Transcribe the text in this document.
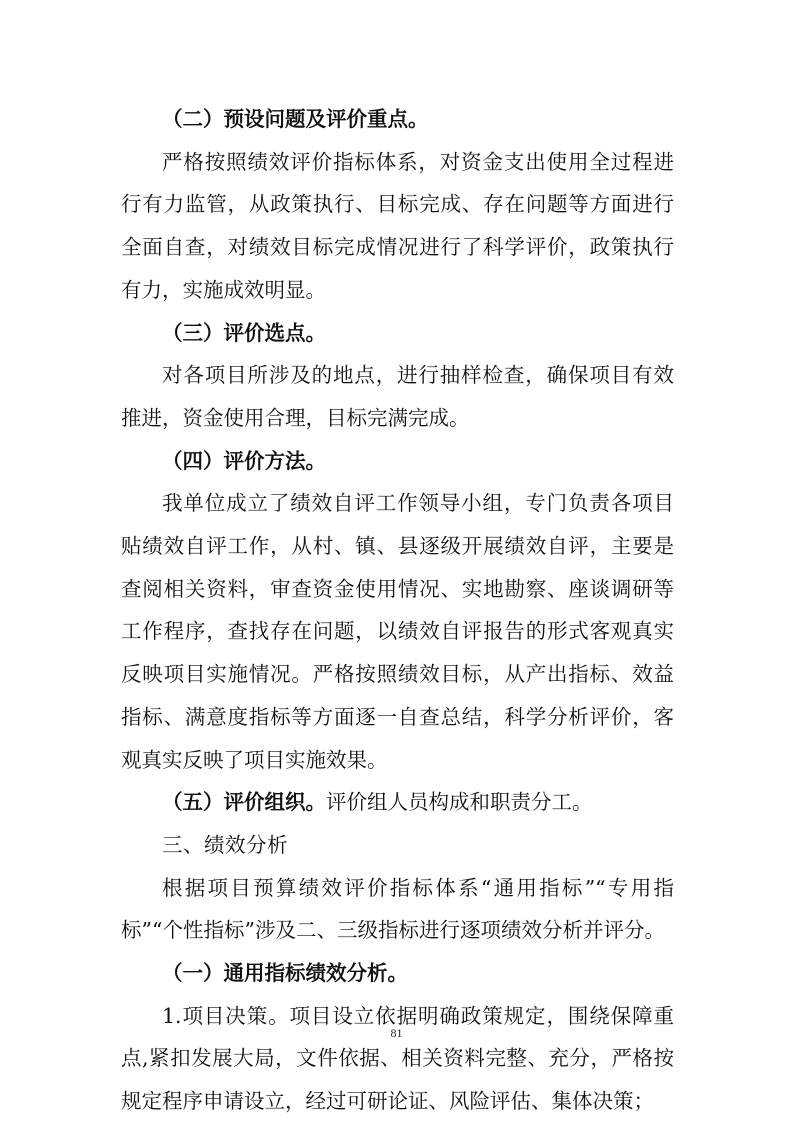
（二）预设问题及评价重点。

严格按照绩效评价指标体系，对资金支出使用全过程进行有力监管，从政策执行、目标完成、存在问题等方面进行全面自查，对绩效目标完成情况进行了科学评价，政策执行有力，实施成效明显。

（三）评价选点。

对各项目所涉及的地点，进行抽样检查，确保项目有效推进，资金使用合理，目标完满完成。

（四）评价方法。

我单位成立了绩效自评工作领导小组，专门负责各项目贴绩效自评工作，从村、镇、县逐级开展绩效自评，主要是查阅相关资料，审查资金使用情况、实地勘察、座谈调研等工作程序，查找存在问题，以绩效自评报告的形式客观真实反映项目实施情况。严格按照绩效目标，从产出指标、效益指标、满意度指标等方面逐一自查总结，科学分析评价，客观真实反映了项目实施效果。

（五）评价组织。评价组人员构成和职责分工。

三、绩效分析

根据项目预算绩效评价指标体系“通用指标”“专用指标”“个性指标”涉及二、三级指标进行逐项绩效分析并评分。

（一）通用指标绩效分析。

1.项目决策。项目设立依据明确政策规定，围绕保障重点,紧扣发展大局，文件依据、相关资料完整、充分，严格按规定程序申请设立，经过可研论证、风险评估、集体决策；

81
